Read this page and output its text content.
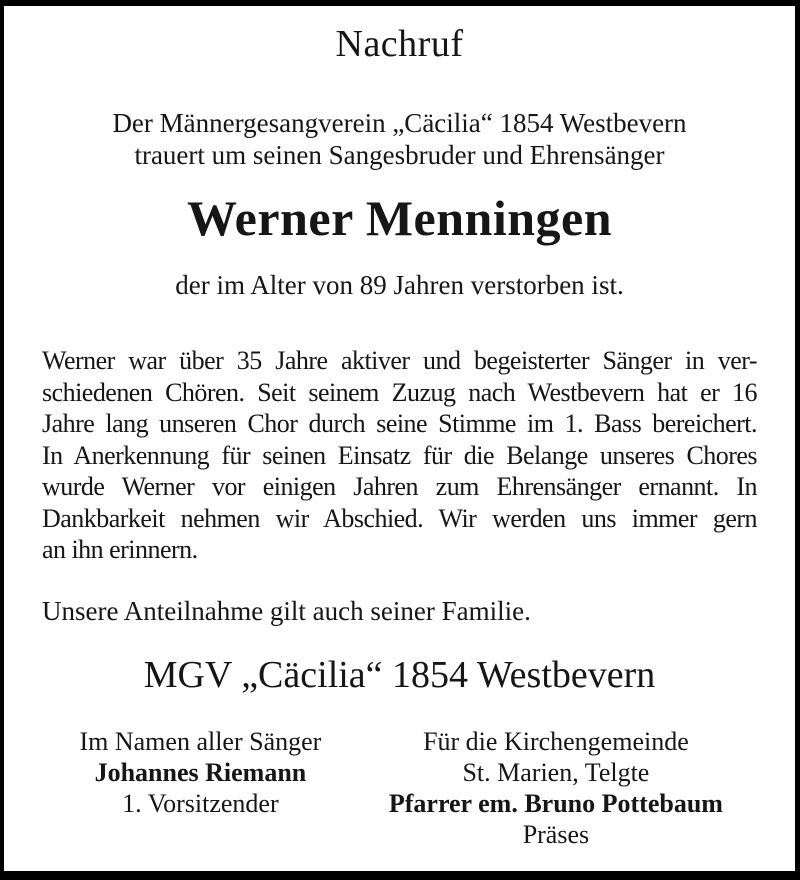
Nachruf
Der Männergesangverein „Cäcilia“ 1854 Westbevern
trauert um seinen Sangesbruder und Ehrensänger
Werner Menningen
der im Alter von 89 Jahren verstorben ist.
Werner war über 35 Jahre aktiver und begeisterter Sänger in ver-
schiedenen Chören. Seit seinem Zuzug nach Westbevern hat er 16
Jahre lang unseren Chor durch seine Stimme im 1. Bass bereichert.
In Anerkennung für seinen Einsatz für die Belange unseres Chores
wurde Werner vor einigen Jahren zum Ehrensänger ernannt. In
Dankbarkeit nehmen wir Abschied. Wir werden uns immer gern
an ihn erinnern.
Unsere Anteilnahme gilt auch seiner Familie.
MGV „Cäcilia“ 1854 Westbevern
Im Namen aller Sänger
Johannes Riemann
1. Vorsitzender
Für die Kirchengemeinde
St. Marien, Telgte
Pfarrer em. Bruno Pottebaum
Präses
